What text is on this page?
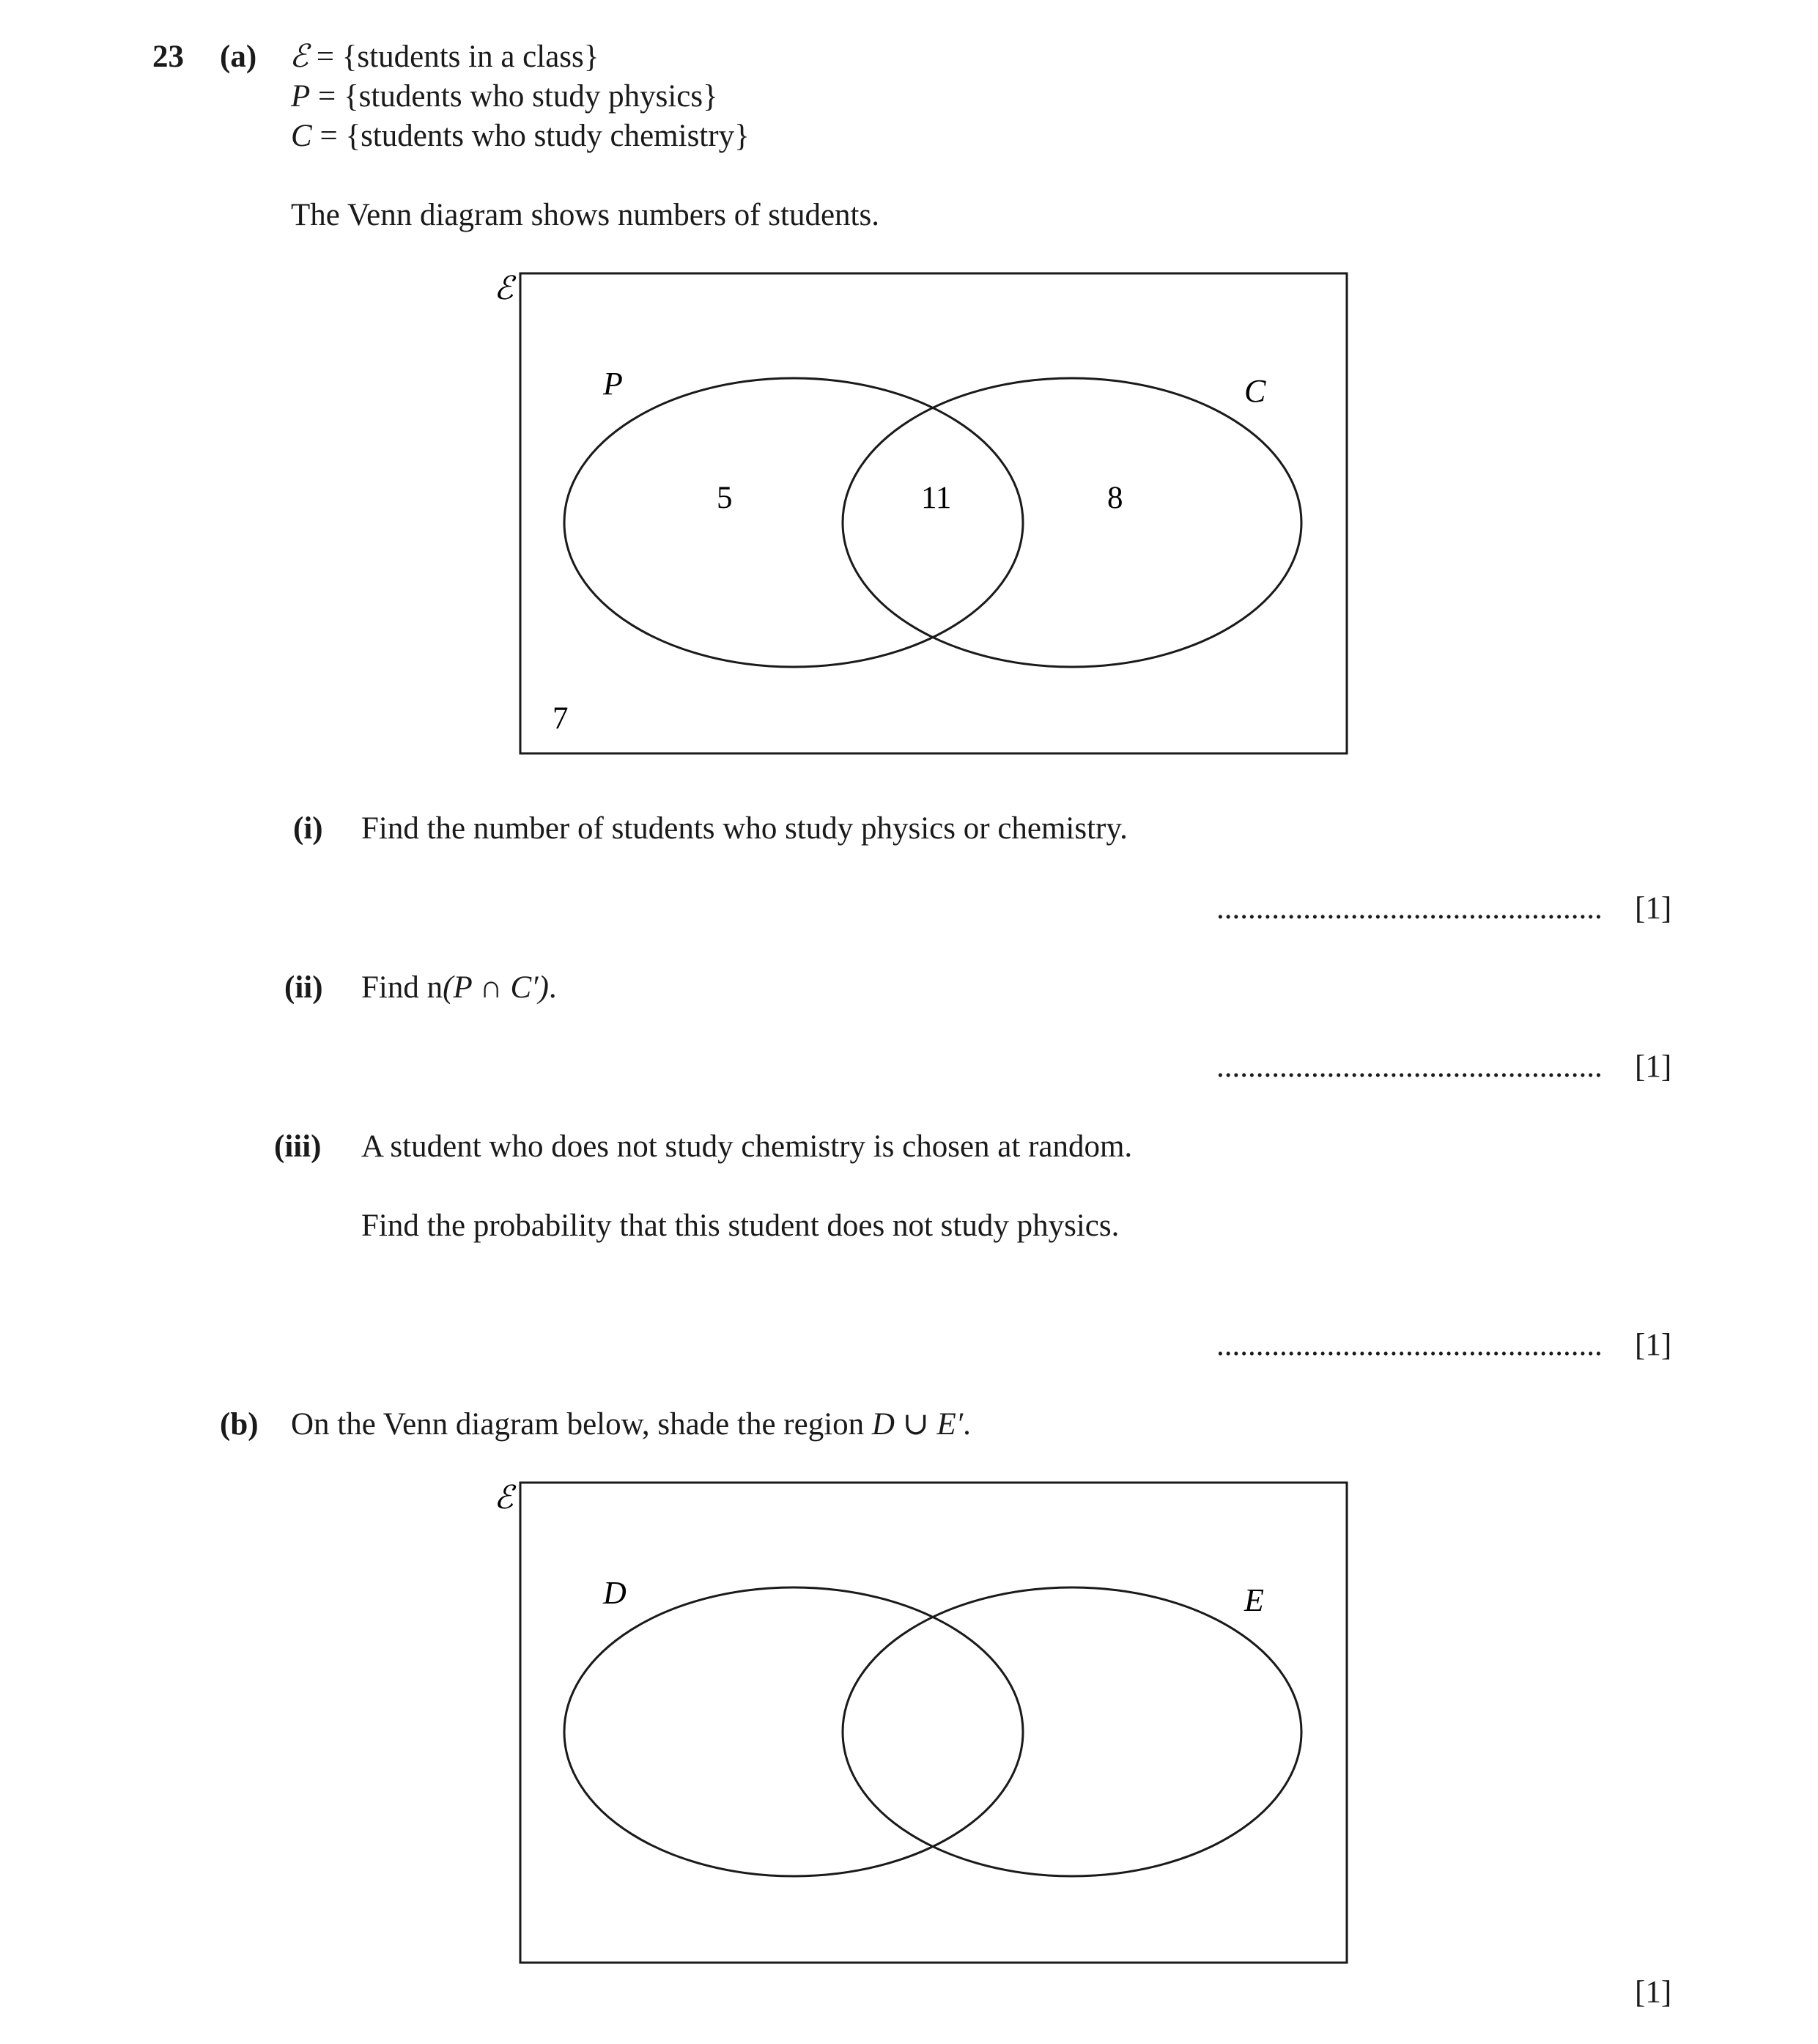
23 (a) ℰ = {students in a class}
P = {students who study physics}
C = {students who study chemistry}
The Venn diagram shows numbers of students.
ℰ
P	C
5	11	8
7
(i) Find the number of students who study physics or chemistry.
................................................. [1]
(ii) Find n(P ∩ C′).
................................................. [1]
(iii) A student who does not study chemistry is chosen at random.
Find the probability that this student does not study physics.
................................................. [1]
(b) On the Venn diagram below, shade the region D ∪ E′.
ℰ
D	E
[1]
